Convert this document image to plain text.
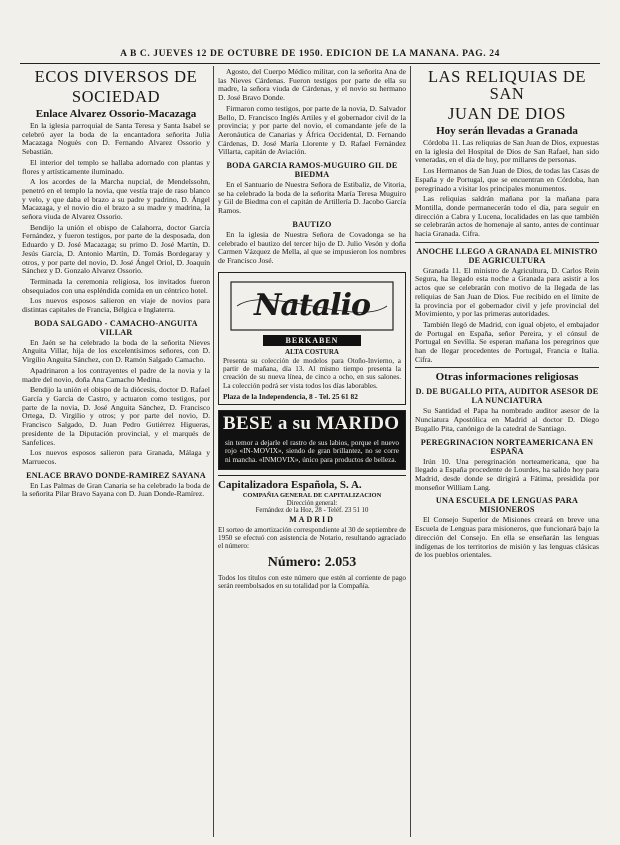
A B C. JUEVES 12 DE OCTUBRE DE 1950. EDICION DE LA MAÑANA. PAG. 24
ECOS DIVERSOS DE
SOCIEDAD
Enlace Alvarez Ossorio-Macazaga

En la iglesia parroquial de Santa Teresa y Santa Isabel se celebró ayer la boda de la encantadora señorita Julia Macazaga Noguès con D. Fernando Alvarez Ossorio y Sebastián.

El interior del templo se hallaba adornado con plantas y flores y artísticamente iluminado.

A los acordes de la Marcha nupcial, de Mendelssohn, penetró en el templo la novia, que vestía traje de raso blanco y velo, y que daba el brazo a su padre y padrino, D. Ángel Macazaga, y el novio dio el brazo a su madre y madrina, la señora viuda de Alvarez Ossorio.

Bendijo la unión el obispo de Calahorra, doctor García Fernández, y fueron testigos, por parte de la desposada, don Eduardo y D. José Macazaga; su primo D. José Martín, D. Jesús García, D. Antonio Martín, D. Tomás Bordegaray y otros, y por parte del novio, D. José Ángel Oriol, D. Joaquín Sánchez y D. Gonzalo Alvarez Ossorio.

Terminada la ceremonia religiosa, los invitados fueron obsequiados con una espléndida comida en un céntrico hotel.

Los nuevos esposos salieron en viaje de novios para distintas capitales de Francia, Bélgica e Inglaterra.

BODA SALGADO - CAMACHO-ANGUITA VILLAR

En Jaén se ha celebrado la boda de la señorita Nieves Anguita Villar, hija de los excelentísimos señores, con D. Virgilio Anguita Sánchez, con D. Ramón Salgado Camacho.

Apadrinaron a los contrayentes el padre de la novia y la madre del novio, doña Ana Camacho Medina.

Bendijo la unión el obispo de la diócesis, doctor D. Rafael García y García de Castro, y actuaron como testigos, por parte de la novia, D. José Anguita Sánchez, D. Francisco Ortega, D. Virgilio y otros; y por parte del novio, D. Francisco Salgado, D. Juan Pedro Gutiérrez Higueras, presidente de la Diputación provincial, y el marqués de Sanfelices.

Los nuevos esposos salieron para Granada, Málaga y Marruecos.

ENLACE BRAVO DONDE-RAMIREZ SAYANA

En Las Palmas de Gran Canaria se ha celebrado la boda de la señorita Pilar Bravo Sayana con D. Juan Donde-Ramírez.

Agosto, del Cuerpo Médico militar, con la señorita Ana de las Nieves Cárdenas. Fueron testigos por parte de ella su madre, la señora viuda de Cárdenas, y el novio su hermano D. José Bravo Donde.

Firmaron como testigos, por parte de la novia, D. Salvador Bello, D. Francisco Inglés Artiles y el gobernador civil de la provincia; y por parte del novio, el comandante jefe de la Aeronáutica de Canarias y África Occidental, D. Fernando Cárdenas, D. José María Llorente y D. Rafael Fernández Villarta, capitán de Aviación.

BODA GARCIA RAMOS-MUGUIRO GIL DE BIEDMA

En el Santuario de Nuestra Señora de Estibaliz, de Vitoria, se ha celebrado la boda de la señorita María Teresa Muguiro y Gil de Biedma con el capitán de Artillería D. Jacobo García Ramos.

BAUTIZO

En la iglesia de Nuestra Señora de Covadonga se ha celebrado el bautizo del tercer hijo de D. Julio Vesón y doña Carmen Vázquez de Mella, al que se impusieron los nombres de Francisco José.

Natalio
BERKABEN
ALTA COSTURA
Presenta su colección de modelos para Otoño-Invierno, a partir de mañana, día 13. Al mismo tiempo presenta la creación de su nueva línea, de cinco a ocho, en sus salones. La colección podrá ser vista todos los días laborables.
Plaza de la Independencia, 8 - Tel. 25 61 82
BESE a su MARIDO
sin temor a dejarle el rastro de sus labios, porque el nuevo rojo «IN-MOVIX», siendo de gran brillantez, no se corre ni mancha. «INMOVIX», único para productos de belleza.
Capitalizadora Española, S. A.
COMPAÑIA GENERAL DE CAPITALIZACION
Dirección general:
Fernández de la Hoz, 28 - Teléf. 23 51 10
MADRID
El sorteo de amortización correspondiente al 30 de septiembre de 1950 se efectuó con asistencia de Notario, resultando agraciado el número:
Número: 2.053
Todos los títulos con este número que estén al corriente de pago serán reembolsados en su totalidad por la Compañía.
LAS RELIQUIAS DE SAN
JUAN DE DIOS
Hoy serán llevadas a Granada

Córdoba 11. Las reliquias de San Juan de Dios, expuestas en la iglesia del Hospital de Dios de San Rafael, han sido veneradas, en el día de hoy, por millares de personas.

Los Hermanos de San Juan de Dios, de todas las Casas de España y de Portugal, que se encuentran en Córdoba, han peregrinado a visitar los principales monumentos.

Las reliquias saldrán mañana por la mañana para Montilla, donde permanecerán todo el día, para seguir en dirección a Cabra y Lucena, localidades en las que también se celebrarán actos de homenaje al santo, antes de continuar hacia Granada. Cifra.

ANOCHE LLEGO A GRANADA EL MINISTRO DE AGRICULTURA

Granada 11. El ministro de Agricultura, D. Carlos Rein Segura, ha llegado esta noche a Granada para asistir a los actos que se celebrarán con motivo de la llegada de las reliquias de San Juan de Dios. Fue recibido en el límite de la provincia por el gobernador civil y jefe provincial del Movimiento, y por las primeras autoridades.

También llegó de Madrid, con igual objeto, el embajador de Portugal en España, señor Pereira, y el cónsul de Portugal en Sevilla. Se esperan mañana los peregrinos que han de llegar procedentes de Portugal, Francia e Italia. Cifra.

Otras informaciones religiosas
D. DE BUGALLO PITA, AUDITOR ASESOR DE LA NUNCIATURA

Su Santidad el Papa ha nombrado auditor asesor de la Nunciatura Apostólica en Madrid al doctor D. Diego Bugallo Pita, canónigo de la catedral de Santiago.

PEREGRINACION NORTEAMERICANA EN ESPAÑA

Irún 10. Una peregrinación norteamericana, que ha llegado a España procedente de Lourdes, ha salido hoy para Madrid, desde donde se dirigirá a Fátima, presidida por monseñor William Lang.

UNA ESCUELA DE LENGUAS PARA MISIONEROS

El Consejo Superior de Misiones creará en breve una Escuela de Lenguas para misioneros, que funcionará bajo la dirección del Consejo. En ella se enseñarán las lenguas indígenas de los territorios de misión y las lenguas clásicas de los pueblos orientales.
